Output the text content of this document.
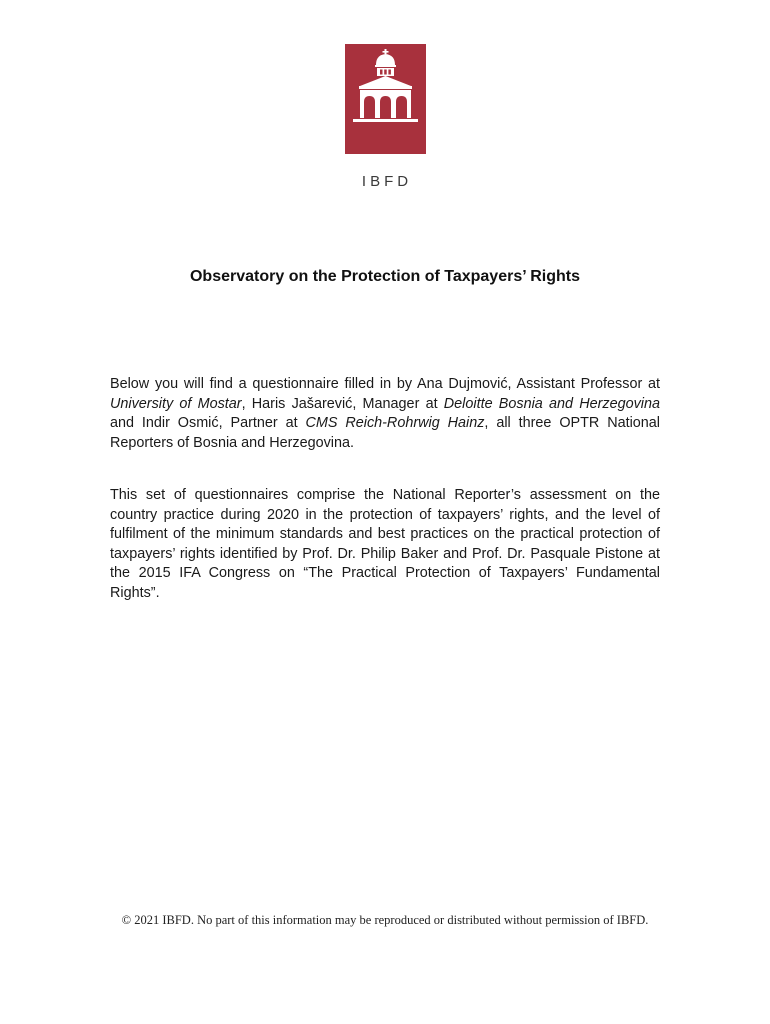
IBFD
Observatory on the Protection of Taxpayers’ Rights
Below you will find a questionnaire filled in by Ana Dujmović, Assistant Professor at University of Mostar, Haris Jašarević, Manager at Deloitte Bosnia and Herzegovina and Indir Osmić, Partner at CMS Reich-Rohrwig Hainz, all three OPTR National Reporters of Bosnia and Herzegovina.
This set of questionnaires comprise the National Reporter’s assessment on the country practice during 2020 in the protection of taxpayers’ rights, and the level of fulfilment of the minimum standards and best practices on the practical protection of taxpayers’ rights identified by Prof. Dr. Philip Baker and Prof. Dr. Pasquale Pistone at the 2015 IFA Congress on “The Practical Protection of Taxpayers’ Fundamental Rights”.
© 2021 IBFD. No part of this information may be reproduced or distributed without permission of IBFD.
